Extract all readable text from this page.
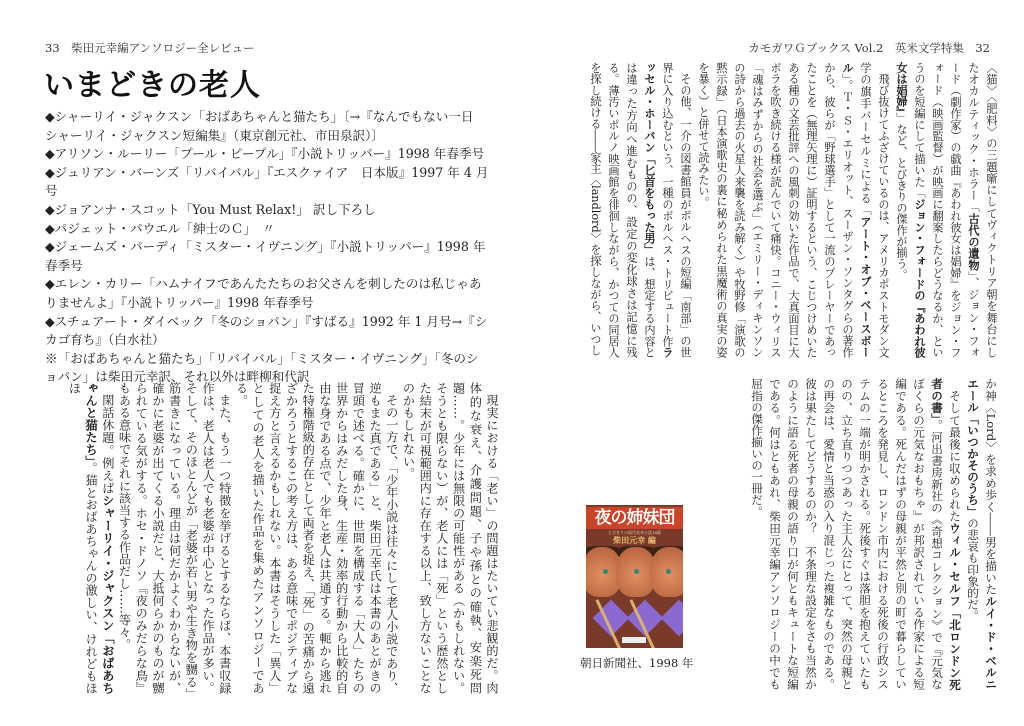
33　柴田元幸編アンソロジー全レビュー	カモガワＧブックス Vol.2　英米文学特集　32
いまどきの老人
◆シャーリイ・ジャクスン「おばあちゃんと猫たち」〔→『なんでもない一日 シャーリイ・ジャクスン短編集』（東京創元社、市田泉訳）〕
◆アリソン・ルーリー「プール・ピープル」『小説トリッパー』1998 年春季号
◆ジュリアン・バーンズ「リバイバル」『エスクァイア　日本版』1997 年 4 月号
◆ジョアンナ・スコット「You Must Relax!」 訳し下ろし
◆パジェット・パウエル「紳士のＣ」　〃
◆ジェームズ・パーディ「ミスター・イヴニング」『小説トリッパー』1998 年春季号
◆エレン・カリー「ハムナイフであんたたちのお父さんを刺したのは私じゃありませんよ」『小説トリッパー』1998 年春季号
◆スチュアート・ダイベック「冬のショパン」『すばる』1992 年 1 月号→『シカゴ育ち』（白水社）
※「おばあちゃんと猫たち」「リバイバル」「ミスター・イヴニング」「冬のショパン」は柴田元幸訳、それ以外は畔柳和代訳

〈猫〉〈肥料〉の三題噺にしてヴィクトリア朝を舞台にしたオカルティック・ホラー「古代の遺物」、ジョン・フォード（劇作家）の戯曲『あわれ彼女は娼婦』をジョン・フォード（映画監督）が映画に翻案したらどうなるか、というのを短編にして描いた「ジョン・フォードの『あわれ彼女は娼婦』」など、とびきりの傑作が揃う。

飛び抜けてふざけているのは、アメリカポストモダン文学の旗手バーセルミによる「アート・オブ・ベースボール」。Ｔ・Ｓ・エリオット、スーザン・ソンタグらの著作から、彼らが「野球選手」として一流のプレーヤーであったことを（無理矢理に）証明するという、こじつけめいたある種の文芸批評への風刺の効いた作品で、大真面目に大ボラを吹き続ける様が読んでいて痛快。コニー・ウィリス「魂はみずからの社会を選ぶ」（エミリー・ディキンソンの詩から過去の火星人来襲を読み解く）や牧野修「演歌の黙示録」（日本演歌史の裏に秘められた黒魔術の真実の姿を暴く）と併せて読みたい。

その他、一介の図書館員がボルヘスの短編「南部」の世界に入り込むという、一種のボルヘス・トリビュート作ラッセル・ホーバン「匕首をもった男」は、想定する内容とは違った方向へ進むものの、設定の変化球さは記憶に残る。薄汚いポルノ映画館を徘徊しながら、かつての同居人を探し続ける――家主〈landlord〉を探しながら、いつし

か神〈Lord〉を求め歩く――男を描いたルイ・ド・ベルニエール「いつかそのうち」の悲哀も印象的だ。

そして最後に収められたウィル・セルフ「北ロンドン死者の書」。河出書房新社の《奇想コレクション》で『元気なぼくらの元気なおもちゃ』が邦訳されている作家による短編である。死んだはずの母親が平然と別の町で暮らしているところを発見し、ロンドン市内における死後の行政システムの一端が明かされる。死後すぐは落胆を抱えていたものの、立ち直りつつあった主人公にとって、突然の母親との再会は、愛情と当惑の入り混じった複雑なものである。彼は果たしてどうするのか？　不条理な設定をさも当然かのように語る死者の母親の語り口が何ともキュートな短編である。何はともあれ、柴田元幸編アンソロジーの中でも屈指の傑作揃いの一冊だ。

現実における「老い」の問題はたいてい悲観的だ。肉体的な衰え、介護問題、子や孫との確執、安楽死問題……。少年には無限の可能性がある（かもしれない。そうとも限らない）が、老人には「死」という歴然とした結末が可視範囲内に存在する以上、致し方ないことなのかもしれない。

その一方で、「少年小説は往々にして老人小説であり、逆もまた真である」と、柴田元幸氏は本書のあとがきの冒頭で述べる。確かに、世間を構成する「大人」たちの世界からはみだした身、生産・効率的行動から比較的自由な身である点で、少年と老人は共通する。軛から逃れた特権階級的存在として両者を捉え、「死」の苦痛から遠ざかろうとするこの考え方は、ある意味でポジティブな捉え方と言えるかもしれない。本書はそうした「異人」としての老人を描いた作品を集めたアンソロジーである。

また、もう一つ特徴を挙げるとするならば、本書収録作は、老人は老人でも老婆が中心となった作品が多い。そして、そのほとんどが「老婆が若い男や生き物を嬲る」筋書きになっている。理由は何だかよくわからないが、確かに老婆が出てくる小説だと、大抵何らかのものが嬲られている気がする。ホセ・ドノソ『夜のみだらな鳥』もある意味でそれに該当する作品だし……等々。

閑話休題。例えばシャーリイ・ジャクスン「おばあちゃんと猫たち」。猫とおばあちゃんの激しい、けれどもほほ

夜の姉妹団
とびきりの現代英米小説14篇
柴田元幸 編
朝日新聞社、1998 年
